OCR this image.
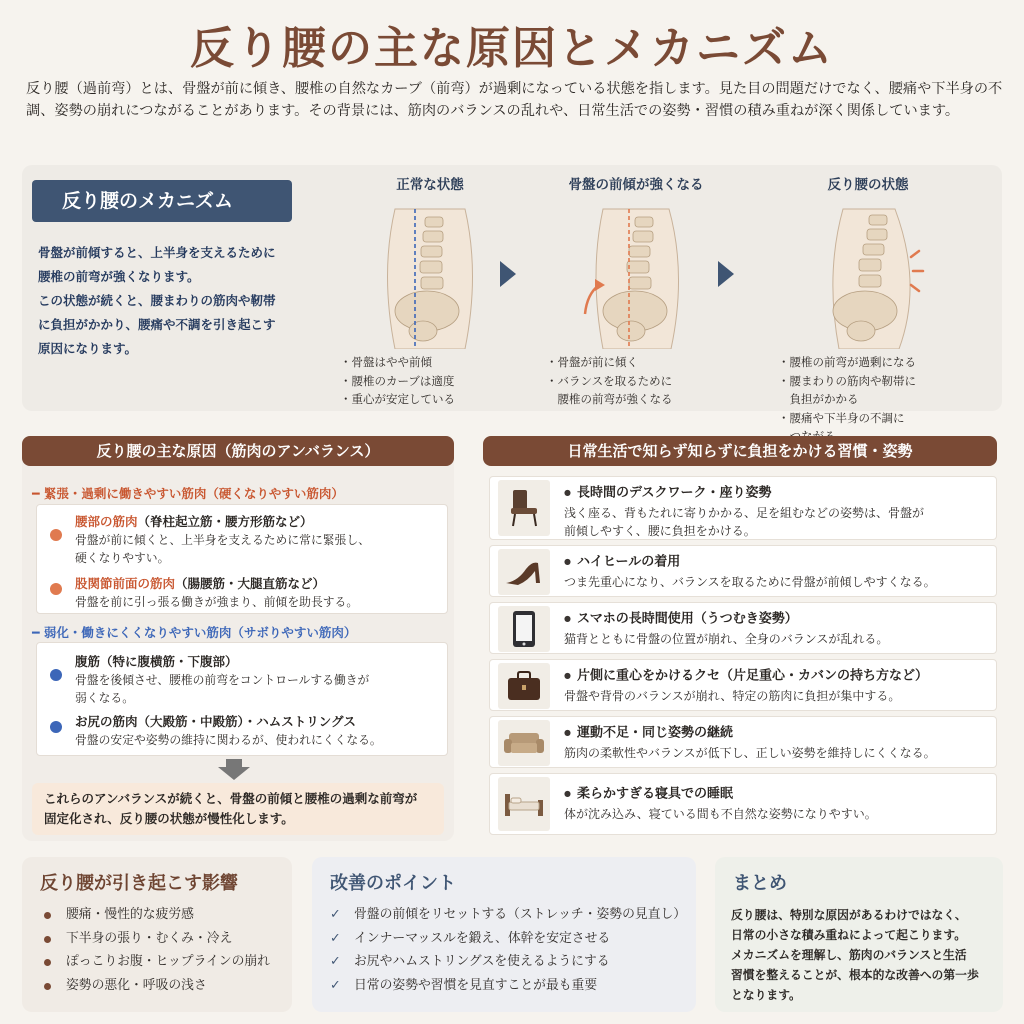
反り腰の主な原因とメカニズム
反り腰（過前弯）とは、骨盤が前に傾き、腰椎の自然なカーブ（前弯）が過剰になっている状態を指します。見た目の問題だけでなく、腰痛や下半身の不調、姿勢の崩れにつながることがあります。その背景には、筋肉のバランスの乱れや、日常生活での姿勢・習慣の積み重ねが深く関係しています。
反り腰のメカニズム
骨盤が前傾すると、上半身を支えるために
腰椎の前弯が強くなります。
この状態が続くと、腰まわりの筋肉や靭帯
に負担がかかり、腰痛や不調を引き起こす
原因になります。
正常な状態
・骨盤はやや前傾
・腰椎のカーブは適度
・重心が安定している
骨盤の前傾が強くなる
・骨盤が前に傾く
・バランスを取るために
　腰椎の前弯が強くなる
反り腰の状態
・腰椎の前弯が過剰になる
・腰まわりの筋肉や靭帯に
　負担がかかる
・腰痛や下半身の不調に
反り腰の主な原因（筋肉のアンバランス）
━ 緊張・過剰に働きやすい筋肉（硬くなりやすい筋肉）
腰部の筋肉（脊柱起立筋・腰方形筋など）
骨盤が前に傾くと、上半身を支えるために常に緊張し、
硬くなりやすい。
股関節前面の筋肉（腸腰筋・大腿直筋など）
骨盤を前に引っ張る働きが強まり、前傾を助長する。
━ 弱化・働きにくくなりやすい筋肉（サボりやすい筋肉）
腹筋（特に腹横筋・下腹部）
骨盤を後傾させ、腰椎の前弯をコントロールする働きが
弱くなる。
お尻の筋肉（大殿筋・中殿筋）・ハムストリングス
骨盤の安定や姿勢の維持に関わるが、使われにくくなる。
これらのアンバランスが続くと、骨盤の前傾と腰椎の過剰な前弯が
固定化され、反り腰の状態が慢性化します。
日常生活で知らず知らずに負担をかける習慣・姿勢
● 長時間のデスクワーク・座り姿勢
浅く座る、背もたれに寄りかかる、足を組むなどの姿勢は、骨盤が
前傾しやすく、腰に負担をかける。
● ハイヒールの着用
つま先重心になり、バランスを取るために骨盤が前傾しやすくなる。
● スマホの長時間使用（うつむき姿勢）
猫背とともに骨盤の位置が崩れ、全身のバランスが乱れる。
● 片側に重心をかけるクセ（片足重心・カバンの持ち方など）
骨盤や背骨のバランスが崩れ、特定の筋肉に負担が集中する。
● 運動不足・同じ姿勢の継続
筋肉の柔軟性やバランスが低下し、正しい姿勢を維持しにくくなる。
● 柔らかすぎる寝具での睡眠
体が沈み込み、寝ている間も不自然な姿勢になりやすい。
反り腰が引き起こす影響
腰痛・慢性的な疲労感
下半身の張り・むくみ・冷え
ぽっこりお腹・ヒップラインの崩れ
姿勢の悪化・呼吸の浅さ
改善のポイント
✓ 骨盤の前傾をリセットする（ストレッチ・姿勢の見直し）
✓ インナーマッスルを鍛え、体幹を安定させる
✓ お尻やハムストリングスを使えるようにする
✓ 日常の姿勢や習慣を見直すことが最も重要
まとめ
反り腰は、特別な原因があるわけではなく、
日常の小さな積み重ねによって起こります。
メカニズムを理解し、筋肉のバランスと生活
習慣を整えることが、根本的な改善への第一歩
となります。
